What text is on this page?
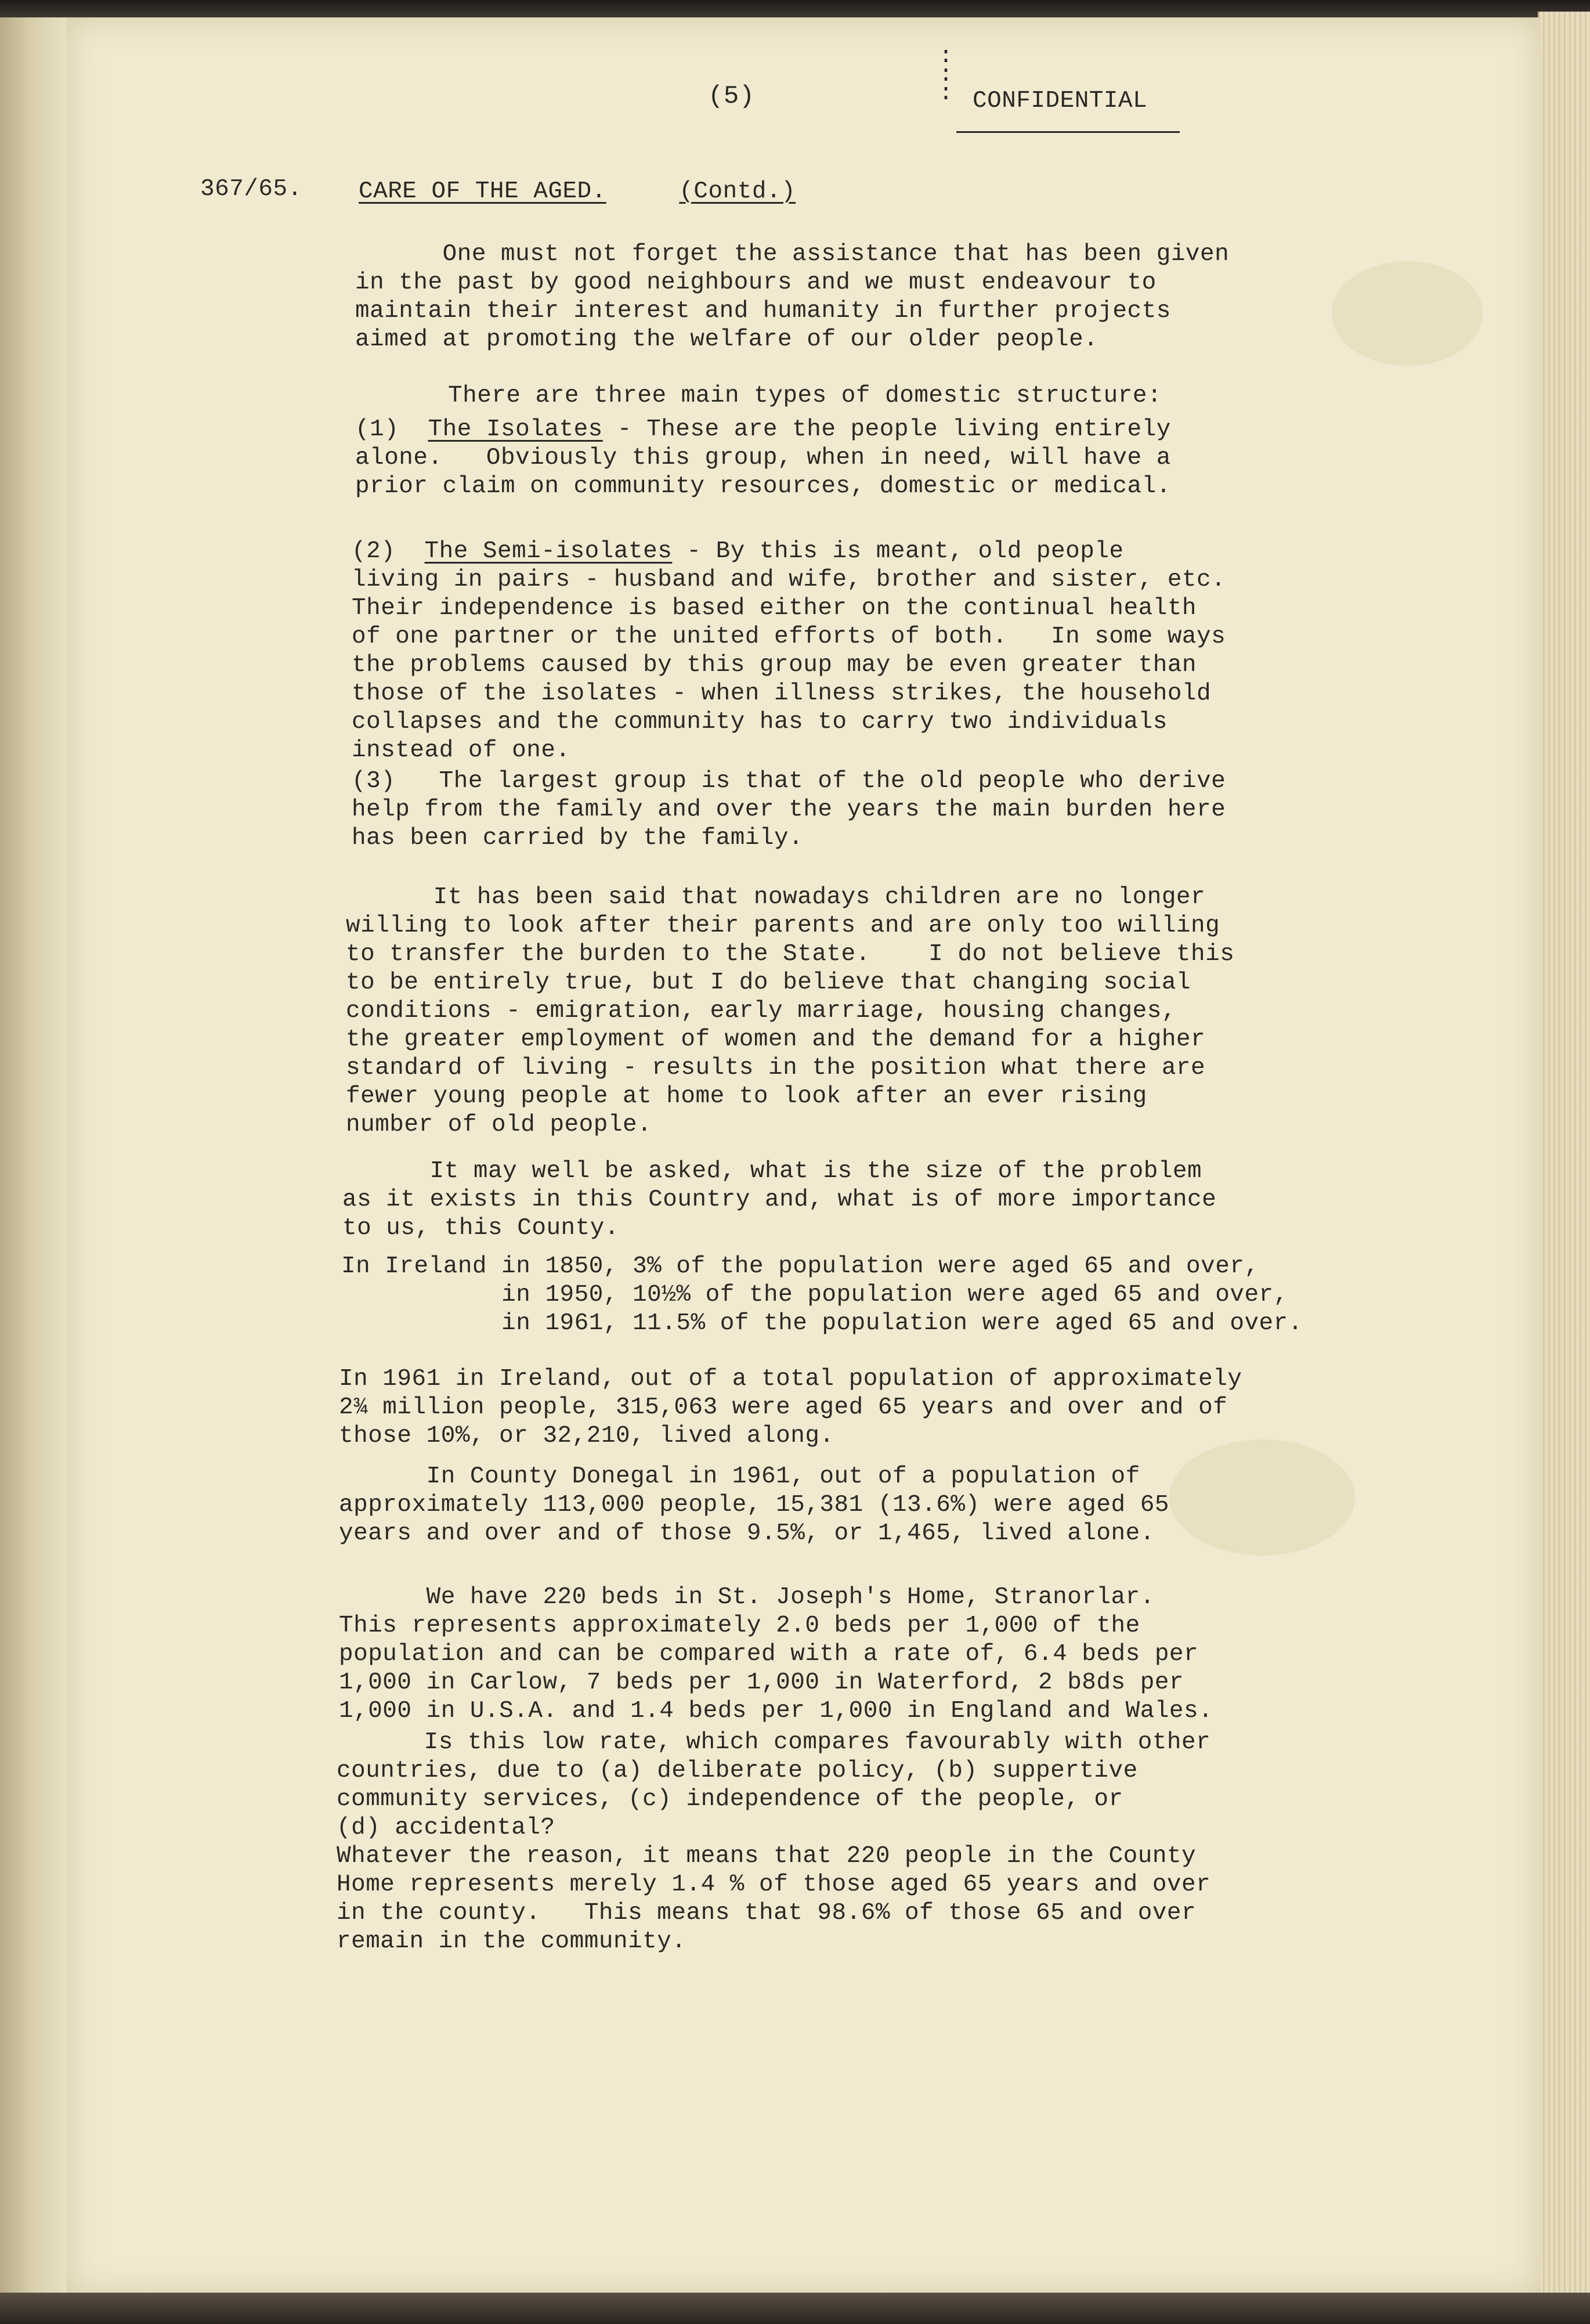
(5)
:
:
: CONFIDENTIAL
367/65. CARE OF THE AGED.	(Contd.)
One must not forget the assistance that has been given
in the past by good neighbours and we must endeavour to
maintain their interest and humanity in further projects
aimed at promoting the welfare of our older people.
There are three main types of domestic structure:
(1) The Isolates - These are the people living entirely
alone.   Obviously this group, when in need, will have a
prior claim on community resources, domestic or medical.
(2) The Semi-isolates - By this is meant, old people
living in pairs - husband and wife, brother and sister, etc.
Their independence is based either on the continual health
of one partner or the united efforts of both.   In some ways
the problems caused by this group may be even greater than
those of the isolates - when illness strikes, the household
collapses and the community has to carry two individuals
instead of one.
(3)   The largest group is that of the old people who derive
help from the family and over the years the main burden here
has been carried by the family.
It has been said that nowadays children are no longer
willing to look after their parents and are only too willing
to transfer the burden to the State.    I do not believe this
to be entirely true, but I do believe that changing social
conditions - emigration, early marriage, housing changes,
the greater employment of women and the demand for a higher
standard of living - results in the position what there are
fewer young people at home to look after an ever rising
number of old people.
It may well be asked, what is the size of the problem
as it exists in this Country and, what is of more importance
to us, this County.
In Ireland in 1850, 3% of the population were aged 65 and over,
in 1950, 10½% of the population were aged 65 and over,
in 1961, 11.5% of the population were aged 65 and over.
In 1961 in Ireland, out of a total population of approximately
2¾ million people, 315,063 were aged 65 years and over and of
those 10%, or 32,210, lived along.
In County Donegal in 1961, out of a population of
approximately 113,000 people, 15,381 (13.6%) were aged 65
years and over and of those 9.5%, or 1,465, lived alone.
We have 220 beds in St. Joseph's Home, Stranorlar.
This represents approximately 2.0 beds per 1,000 of the
population and can be compared with a rate of, 6.4 beds per
1,000 in Carlow, 7 beds per 1,000 in Waterford, 2 b8ds per
1,000 in U.S.A. and 1.4 beds per 1,000 in England and Wales.
Is this low rate, which compares favourably with other
countries, due to (a) deliberate policy, (b) suppertive
community services, (c) independence of the people, or
(d) accidental?
Whatever the reason, it means that 220 people in the County
Home represents merely 1.4 % of those aged 65 years and over
in the county.   This means that 98.6% of those 65 and over
remain in the community.
